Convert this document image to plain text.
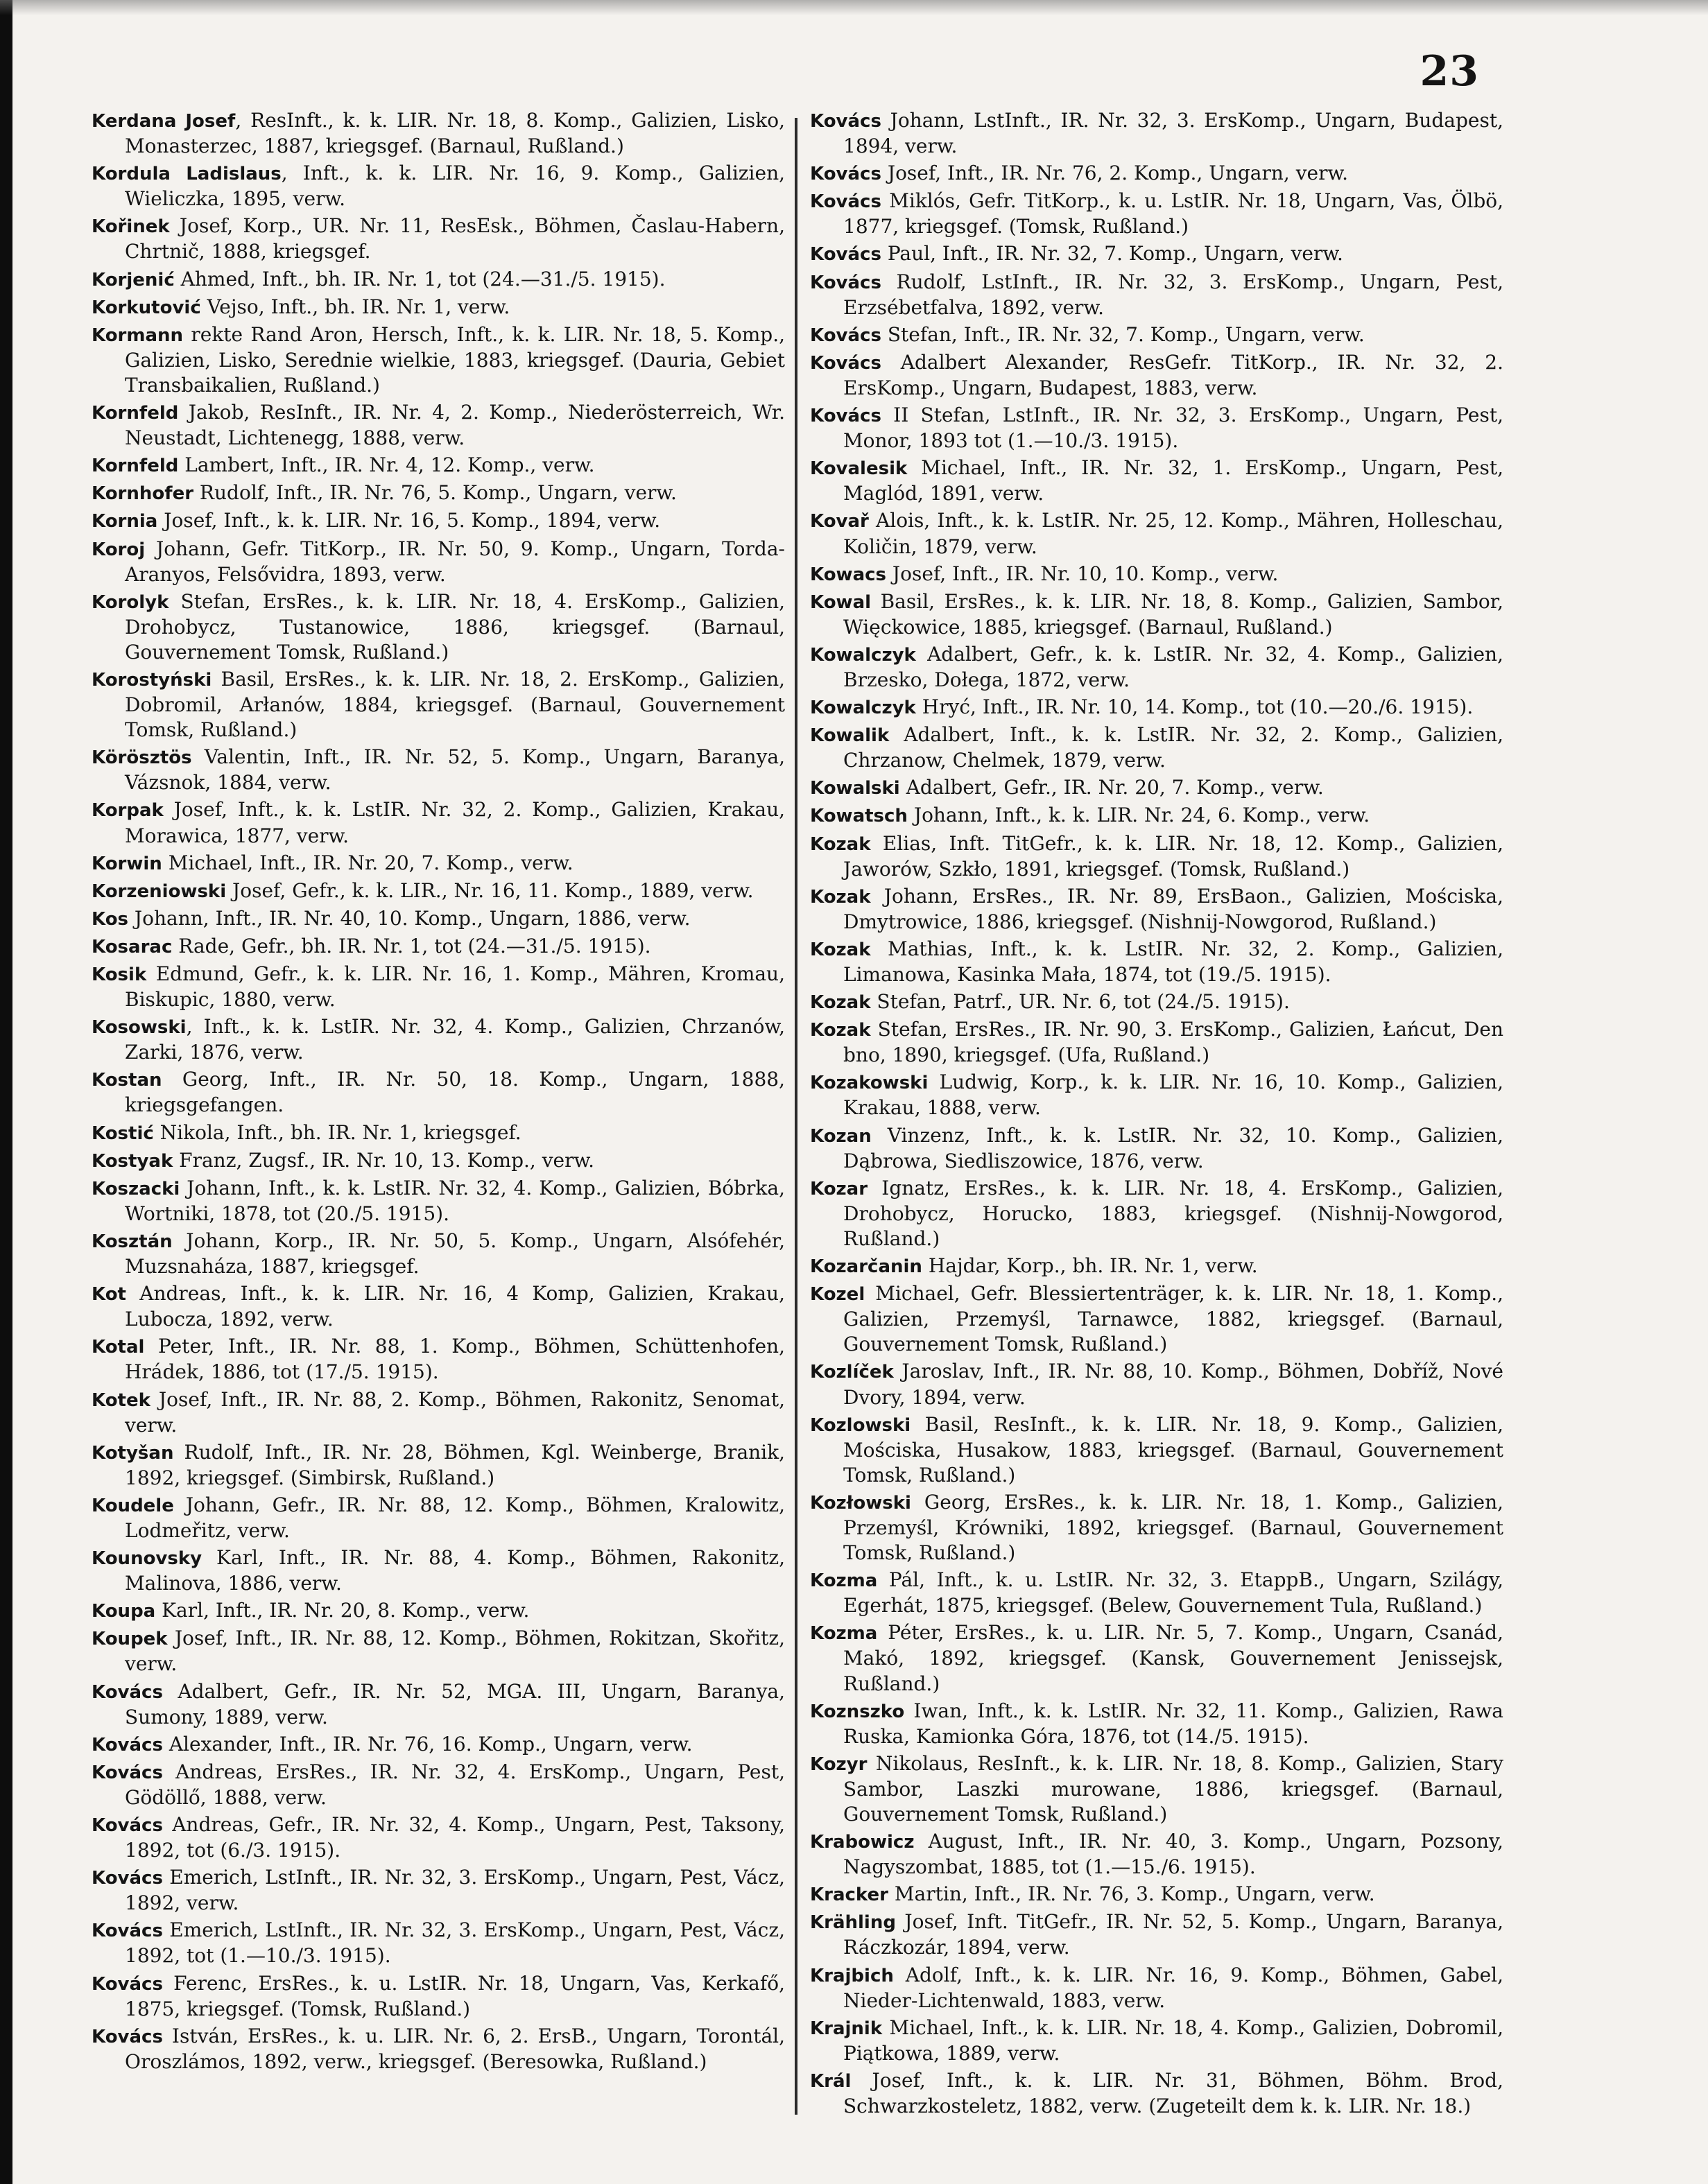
23

Kerdana Josef, ResInft., k. k. LIR. Nr. 18, 8. Komp., Galizien, Lisko, Monasterzec, 1887, kriegsgef. (Barnaul, Rußland.)

Kordula Ladislaus, Inft., k. k. LIR. Nr. 16, 9. Komp., Galizien, Wieliczka, 1895, verw.

Kořinek Josef, Korp., UR. Nr. 11, ResEsk., Böhmen, Časlau-Habern, Chrtnič, 1888, kriegsgef.

Korjenić Ahmed, Inft., bh. IR. Nr. 1, tot (24.—31./5. 1915).

Korkutović Vejso, Inft., bh. IR. Nr. 1, verw.

Kormann rekte Rand Aron, Hersch, Inft., k. k. LIR. Nr. 18, 5. Komp., Galizien, Lisko, Serednie wielkie, 1883, kriegsgef. (Dauria, Gebiet Transbaikalien, Rußland.)

Kornfeld Jakob, ResInft., IR. Nr. 4, 2. Komp., Niederösterreich, Wr. Neustadt, Lichtenegg, 1888, verw.

Kornfeld Lambert, Inft., IR. Nr. 4, 12. Komp., verw.

Kornhofer Rudolf, Inft., IR. Nr. 76, 5. Komp., Ungarn, verw.

Kornia Josef, Inft., k. k. LIR. Nr. 16, 5. Komp., 1894, verw.

Koroj Johann, Gefr. TitKorp., IR. Nr. 50, 9. Komp., Ungarn, Torda-Aranyos, Felsővidra, 1893, verw.

Korolyk Stefan, ErsRes., k. k. LIR. Nr. 18, 4. ErsKomp., Galizien, Drohobycz, Tustanowice, 1886, kriegsgef. (Barnaul, Gouvernement Tomsk, Rußland.)

Korostyński Basil, ErsRes., k. k. LIR. Nr. 18, 2. ErsKomp., Galizien, Dobromil, Arłanów, 1884, kriegsgef. (Barnaul, Gouvernement Tomsk, Rußland.)

Körösztös Valentin, Inft., IR. Nr. 52, 5. Komp., Ungarn, Baranya, Vázsnok, 1884, verw.

Korpak Josef, Inft., k. k. LstIR. Nr. 32, 2. Komp., Galizien, Krakau, Morawica, 1877, verw.

Korwin Michael, Inft., IR. Nr. 20, 7. Komp., verw.

Korzeniowski Josef, Gefr., k. k. LIR., Nr. 16, 11. Komp., 1889, verw.

Kos Johann, Inft., IR. Nr. 40, 10. Komp., Ungarn, 1886, verw.

Kosarac Rade, Gefr., bh. IR. Nr. 1, tot (24.—31./5. 1915).

Kosik Edmund, Gefr., k. k. LIR. Nr. 16, 1. Komp., Mähren, Kromau, Biskupic, 1880, verw.

Kosowski, Inft., k. k. LstIR. Nr. 32, 4. Komp., Galizien, Chrzanów, Zarki, 1876, verw.

Kostan Georg, Inft., IR. Nr. 50, 18. Komp., Ungarn, 1888, kriegsgefangen.

Kostić Nikola, Inft., bh. IR. Nr. 1, kriegsgef.

Kostyak Franz, Zugsf., IR. Nr. 10, 13. Komp., verw.

Koszacki Johann, Inft., k. k. LstIR. Nr. 32, 4. Komp., Galizien, Bóbrka, Wortniki, 1878, tot (20./5. 1915).

Kosztán Johann, Korp., IR. Nr. 50, 5. Komp., Ungarn, Alsófehér, Muzsnaháza, 1887, kriegsgef.

Kot Andreas, Inft., k. k. LIR. Nr. 16, 4 Komp, Galizien, Krakau, Lubocza, 1892, verw.

Kotal Peter, Inft., IR. Nr. 88, 1. Komp., Böhmen, Schüttenhofen, Hrádek, 1886, tot (17./5. 1915).

Kotek Josef, Inft., IR. Nr. 88, 2. Komp., Böhmen, Rakonitz, Senomat, verw.

Kotyšan Rudolf, Inft., IR. Nr. 28, Böhmen, Kgl. Weinberge, Branik, 1892, kriegsgef. (Simbirsk, Rußland.)

Koudele Johann, Gefr., IR. Nr. 88, 12. Komp., Böhmen, Kralowitz, Lodmeřitz, verw.

Kounovsky Karl, Inft., IR. Nr. 88, 4. Komp., Böhmen, Rakonitz, Malinova, 1886, verw.

Koupa Karl, Inft., IR. Nr. 20, 8. Komp., verw.

Koupek Josef, Inft., IR. Nr. 88, 12. Komp., Böhmen, Rokitzan, Skořitz, verw.

Kovács Adalbert, Gefr., IR. Nr. 52, MGA. III, Ungarn, Baranya, Sumony, 1889, verw.

Kovács Alexander, Inft., IR. Nr. 76, 16. Komp., Ungarn, verw.

Kovács Andreas, ErsRes., IR. Nr. 32, 4. ErsKomp., Ungarn, Pest, Gödöllő, 1888, verw.

Kovács Andreas, Gefr., IR. Nr. 32, 4. Komp., Ungarn, Pest, Taksony, 1892, tot (6./3. 1915).

Kovács Emerich, LstInft., IR. Nr. 32, 3. ErsKomp., Ungarn, Pest, Vácz, 1892, verw.

Kovács Emerich, LstInft., IR. Nr. 32, 3. ErsKomp., Ungarn, Pest, Vácz, 1892, tot (1.—10./3. 1915).

Kovács Ferenc, ErsRes., k. u. LstIR. Nr. 18, Ungarn, Vas, Kerkafő, 1875, kriegsgef. (Tomsk, Rußland.)

Kovács István, ErsRes., k. u. LIR. Nr. 6, 2. ErsB., Ungarn, Torontál, Oroszlámos, 1892, verw., kriegsgef. (Beresowka, Rußland.)

Kovács Johann, LstInft., IR. Nr. 32, 3. ErsKomp., Ungarn, Budapest, 1894, verw.

Kovács Josef, Inft., IR. Nr. 76, 2. Komp., Ungarn, verw.

Kovács Miklós, Gefr. TitKorp., k. u. LstIR. Nr. 18, Ungarn, Vas, Ölbö, 1877, kriegsgef. (Tomsk, Rußland.)

Kovács Paul, Inft., IR. Nr. 32, 7. Komp., Ungarn, verw.

Kovács Rudolf, LstInft., IR. Nr. 32, 3. ErsKomp., Ungarn, Pest, Erzsébetfalva, 1892, verw.

Kovács Stefan, Inft., IR. Nr. 32, 7. Komp., Ungarn, verw.

Kovács Adalbert Alexander, ResGefr. TitKorp., IR. Nr. 32, 2. ErsKomp., Ungarn, Budapest, 1883, verw.

Kovács II Stefan, LstInft., IR. Nr. 32, 3. ErsKomp., Ungarn, Pest, Monor, 1893 tot (1.—10./3. 1915).

Kovalesik Michael, Inft., IR. Nr. 32, 1. ErsKomp., Ungarn, Pest, Maglód, 1891, verw.

Kovař Alois, Inft., k. k. LstIR. Nr. 25, 12. Komp., Mähren, Holleschau, Količin, 1879, verw.

Kowacs Josef, Inft., IR. Nr. 10, 10. Komp., verw.

Kowal Basil, ErsRes., k. k. LIR. Nr. 18, 8. Komp., Galizien, Sambor, Więckowice, 1885, kriegsgef. (Barnaul, Rußland.)

Kowalczyk Adalbert, Gefr., k. k. LstIR. Nr. 32, 4. Komp., Galizien, Brzesko, Dołega, 1872, verw.

Kowalczyk Hryć, Inft., IR. Nr. 10, 14. Komp., tot (10.—20./6. 1915).

Kowalik Adalbert, Inft., k. k. LstIR. Nr. 32, 2. Komp., Galizien, Chrzanow, Chelmek, 1879, verw.

Kowalski Adalbert, Gefr., IR. Nr. 20, 7. Komp., verw.

Kowatsch Johann, Inft., k. k. LIR. Nr. 24, 6. Komp., verw.

Kozak Elias, Inft. TitGefr., k. k. LIR. Nr. 18, 12. Komp., Galizien, Jaworów, Szkło, 1891, kriegsgef. (Tomsk, Rußland.)

Kozak Johann, ErsRes., IR. Nr. 89, ErsBaon., Galizien, Mościska, Dmytrowice, 1886, kriegsgef. (Nishnij-Nowgorod, Rußland.)

Kozak Mathias, Inft., k. k. LstIR. Nr. 32, 2. Komp., Galizien, Limanowa, Kasinka Mała, 1874, tot (19./5. 1915).

Kozak Stefan, Patrf., UR. Nr. 6, tot (24./5. 1915).

Kozak Stefan, ErsRes., IR. Nr. 90, 3. ErsKomp., Galizien, Łańcut, Den bno, 1890, kriegsgef. (Ufa, Rußland.)

Kozakowski Ludwig, Korp., k. k. LIR. Nr. 16, 10. Komp., Galizien, Krakau, 1888, verw.

Kozan Vinzenz, Inft., k. k. LstIR. Nr. 32, 10. Komp., Galizien, Dąbrowa, Siedliszowice, 1876, verw.

Kozar Ignatz, ErsRes., k. k. LIR. Nr. 18, 4. ErsKomp., Galizien, Drohobycz, Horucko, 1883, kriegsgef. (Nishnij-Nowgorod, Rußland.)

Kozarčanin Hajdar, Korp., bh. IR. Nr. 1, verw.

Kozel Michael, Gefr. Blessiertenträger, k. k. LIR. Nr. 18, 1. Komp., Galizien, Przemyśl, Tarnawce, 1882, kriegsgef. (Barnaul, Gouvernement Tomsk, Rußland.)

Kozlíček Jaroslav, Inft., IR. Nr. 88, 10. Komp., Böhmen, Dobříž, Nové Dvory, 1894, verw.

Kozlowski Basil, ResInft., k. k. LIR. Nr. 18, 9. Komp., Galizien, Mościska, Husakow, 1883, kriegsgef. (Barnaul, Gouvernement Tomsk, Rußland.)

Kozłowski Georg, ErsRes., k. k. LIR. Nr. 18, 1. Komp., Galizien, Przemyśl, Krówniki, 1892, kriegsgef. (Barnaul, Gouvernement Tomsk, Rußland.)

Kozma Pál, Inft., k. u. LstIR. Nr. 32, 3. EtappB., Ungarn, Szilágy, Egerhát, 1875, kriegsgef. (Belew, Gouvernement Tula, Rußland.)

Kozma Péter, ErsRes., k. u. LIR. Nr. 5, 7. Komp., Ungarn, Csanád, Makó, 1892, kriegsgef. (Kansk, Gouvernement Jenissejsk, Rußland.)

Koznszko Iwan, Inft., k. k. LstIR. Nr. 32, 11. Komp., Galizien, Rawa Ruska, Kamionka Góra, 1876, tot (14./5. 1915).

Kozyr Nikolaus, ResInft., k. k. LIR. Nr. 18, 8. Komp., Galizien, Stary Sambor, Laszki murowane, 1886, kriegsgef. (Barnaul, Gouvernement Tomsk, Rußland.)

Krabowicz August, Inft., IR. Nr. 40, 3. Komp., Ungarn, Pozsony, Nagyszombat, 1885, tot (1.—15./6. 1915).

Kracker Martin, Inft., IR. Nr. 76, 3. Komp., Ungarn, verw.

Krähling Josef, Inft. TitGefr., IR. Nr. 52, 5. Komp., Ungarn, Baranya, Ráczkozár, 1894, verw.

Krajbich Adolf, Inft., k. k. LIR. Nr. 16, 9. Komp., Böhmen, Gabel, Nieder-Lichtenwald, 1883, verw.

Krajnik Michael, Inft., k. k. LIR. Nr. 18, 4. Komp., Galizien, Dobromil, Piątkowa, 1889, verw.

Král Josef, Inft., k. k. LIR. Nr. 31, Böhmen, Böhm. Brod, Schwarzkosteletz, 1882, verw. (Zugeteilt dem k. k. LIR. Nr. 18.)
